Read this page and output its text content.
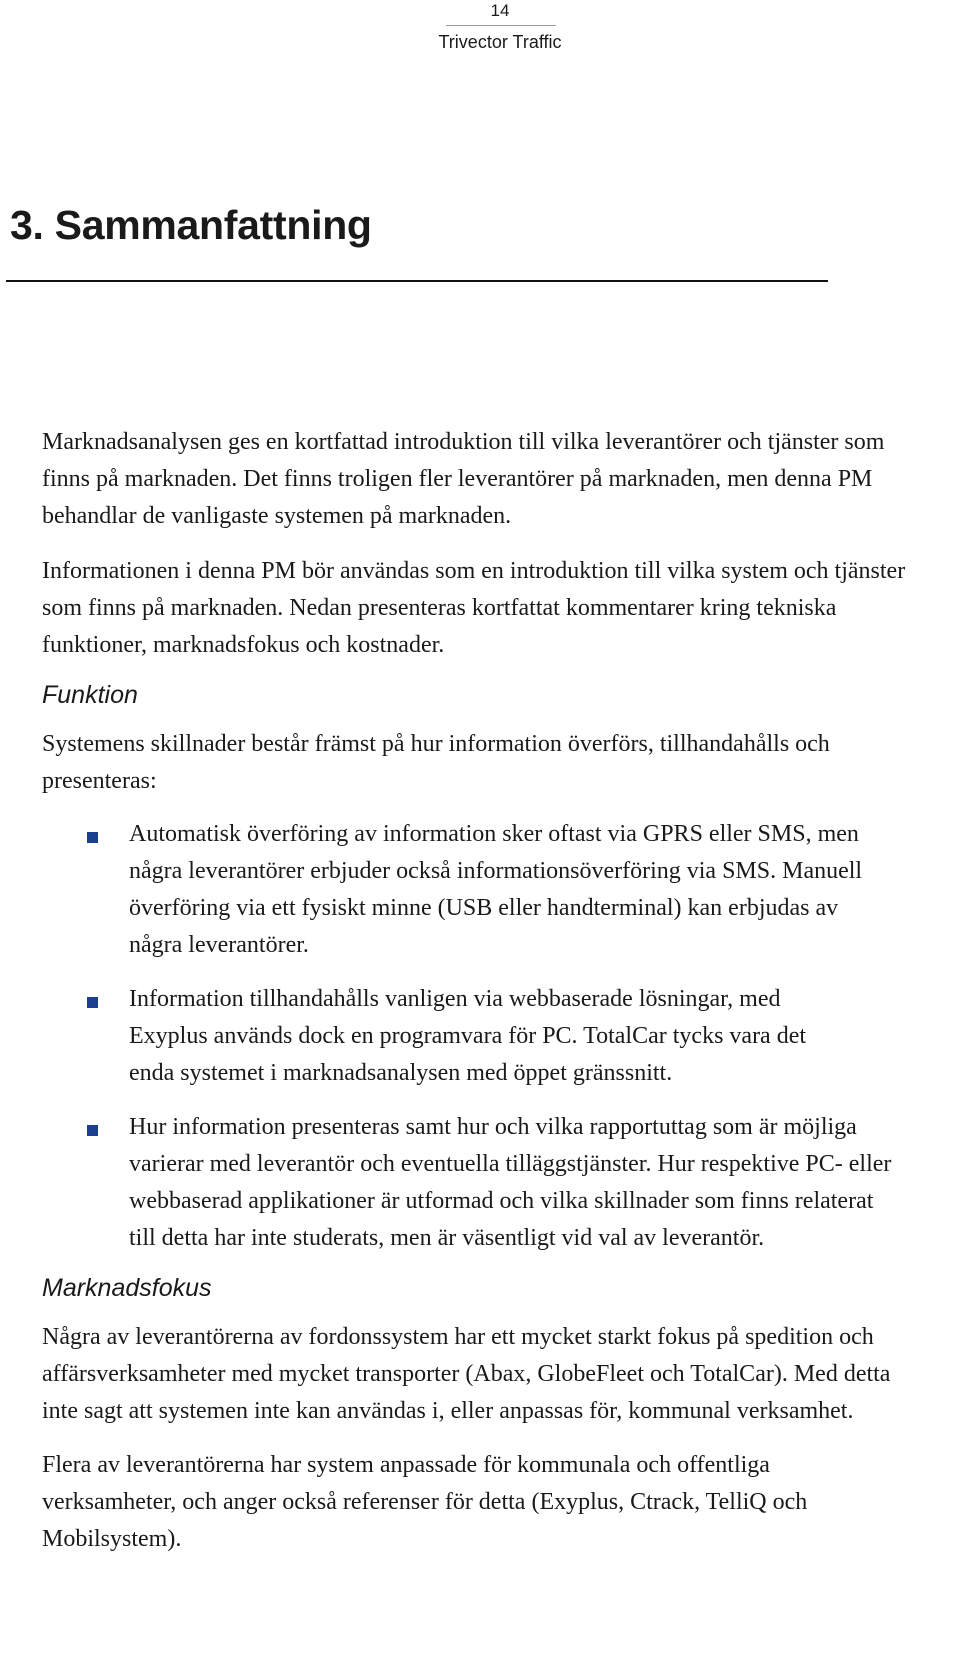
14
Trivector Traffic
3. Sammanfattning

Marknadsanalysen ges en kortfattad introduktion till vilka leverantörer och tjänster som finns på marknaden. Det finns troligen fler leverantörer på marknaden, men denna PM behandlar de vanligaste systemen på marknaden.

Informationen i denna PM bör användas som en introduktion till vilka system och tjänster som finns på marknaden. Nedan presenteras kortfattat kommentarer kring tekniska funktioner, marknadsfokus och kostnader.

Funktion

Systemens skillnader består främst på hur information överförs, tillhandahålls och presenteras:

Automatisk överföring av information sker oftast via GPRS eller SMS, men några leverantörer erbjuder också informationsöverföring via SMS. Manuell överföring via ett fysiskt minne (USB eller handterminal) kan erbjudas av några leverantörer.
Information tillhandahålls vanligen via webbaserade lösningar, med Exyplus används dock en programvara för PC. TotalCar tycks vara det enda systemet i marknadsanalysen med öppet gränssnitt.
Hur information presenteras samt hur och vilka rapportuttag som är möjliga varierar med leverantör och eventuella tilläggstjänster. Hur respektive PC- eller webbaserad applikationer är utformad och vilka skillnader som finns relaterat till detta har inte studerats, men är väsentligt vid val av leverantör.
Marknadsfokus

Några av leverantörerna av fordonssystem har ett mycket starkt fokus på spedition och affärsverksamheter med mycket transporter (Abax, GlobeFleet och TotalCar). Med detta inte sagt att systemen inte kan användas i, eller anpassas för, kommunal verksamhet.

Flera av leverantörerna har system anpassade för kommunala och offentliga verksamheter, och anger också referenser för detta (Exyplus, Ctrack, TelliQ och Mobilsystem).
